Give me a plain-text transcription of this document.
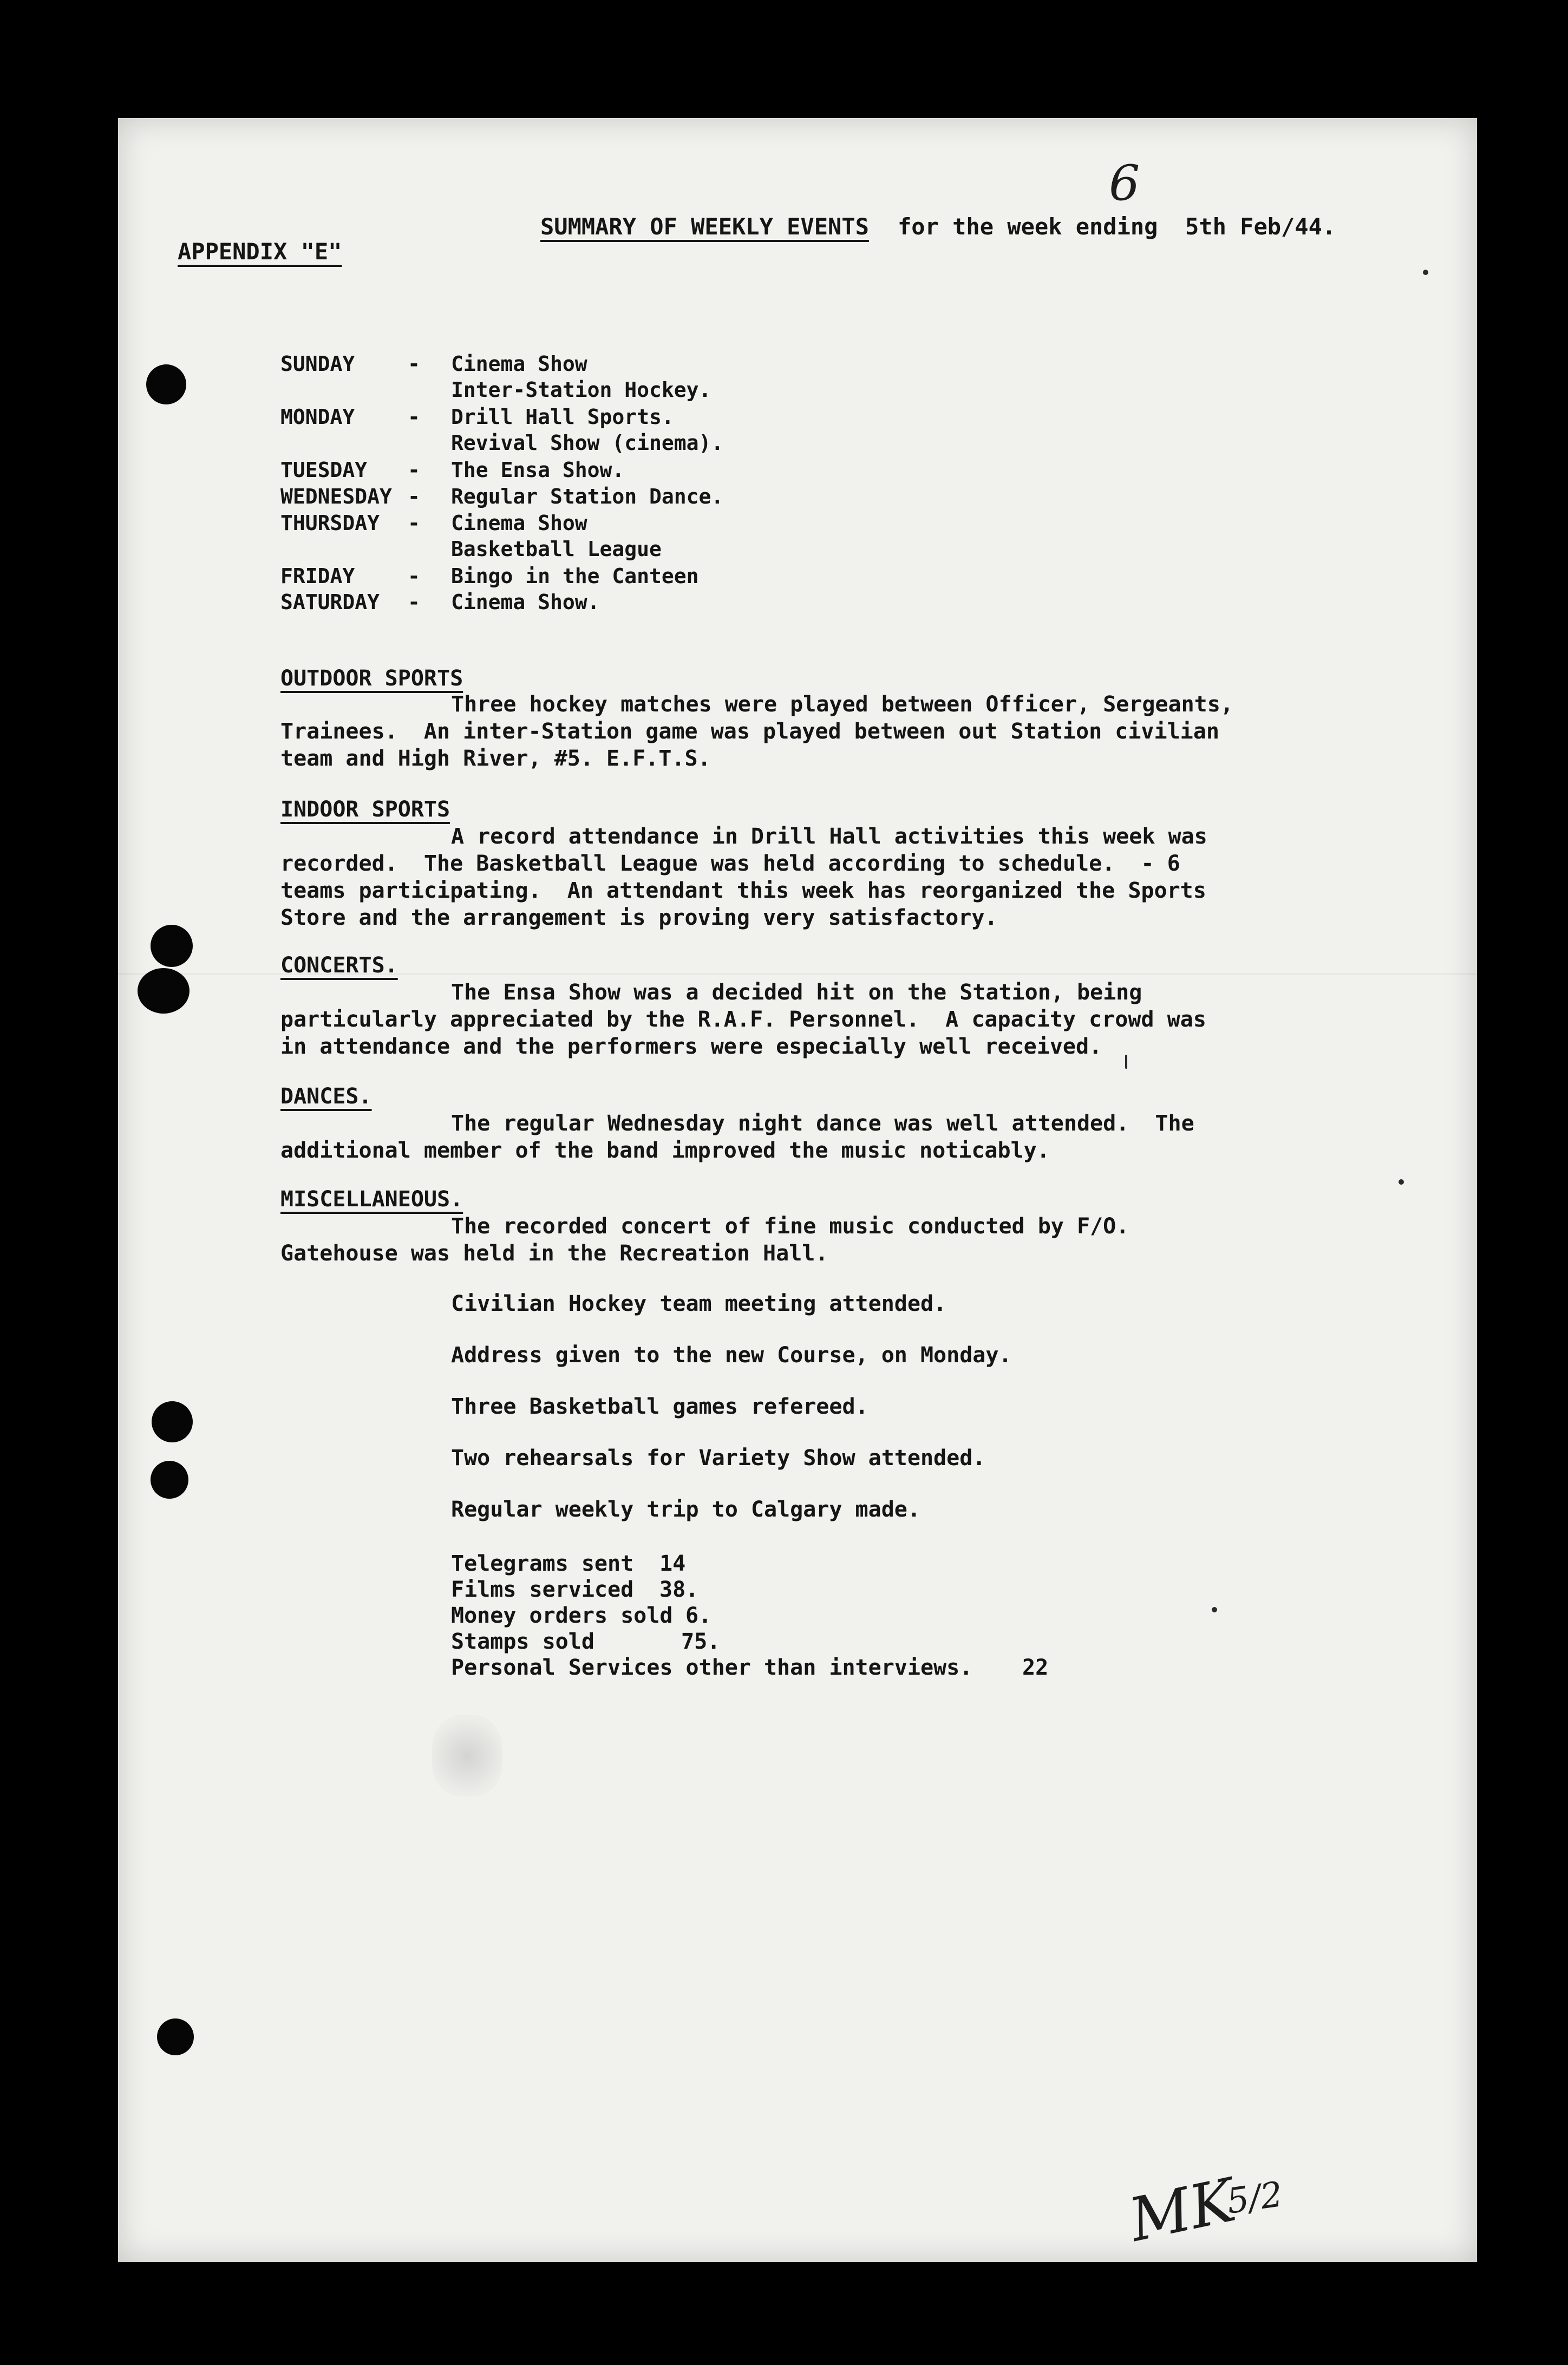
APPENDIX "E"
SUMMARY OF WEEKLY EVENTS for the week ending  5th Feb/44.
6
SUNDAY	- Cinema Show
Inter-Station Hockey.
MONDAY	- Drill Hall Sports.
Revival Show (cinema).
TUESDAY - The Ensa Show.
WEDNESDAY - Regular Station Dance.
THURSDAY - Cinema Show
Basketball League
FRIDAY	- Bingo in the Canteen
SATURDAY - Cinema Show.
OUTDOOR SPORTS
Three hockey matches were played between Officer, Sergeants,
Trainees.  An inter-Station game was played between out Station civilian
team and High River, #5. E.F.T.S.
INDOOR SPORTS
A record attendance in Drill Hall activities this week was
recorded.  The Basketball League was held according to schedule.  - 6
teams participating.  An attendant this week has reorganized the Sports
Store and the arrangement is proving very satisfactory.
CONCERTS.
The Ensa Show was a decided hit on the Station, being
particularly appreciated by the R.A.F. Personnel.  A capacity crowd was
in attendance and the performers were especially well received.
DANCES.
The regular Wednesday night dance was well attended.  The
additional member of the band improved the music noticably.
MISCELLANEOUS.
The recorded concert of fine music conducted by F/O.
Gatehouse was held in the Recreation Hall.
Civilian Hockey team meeting attended.
Address given to the new Course, on Monday.
Three Basketball games refereed.
Two rehearsals for Variety Show attended.
Regular weekly trip to Calgary made.
Telegrams sent 14
Films serviced 38.
Money orders sold 6.
Stamps sold	75.
Personal Services other than interviews. 22
MK
5/2
